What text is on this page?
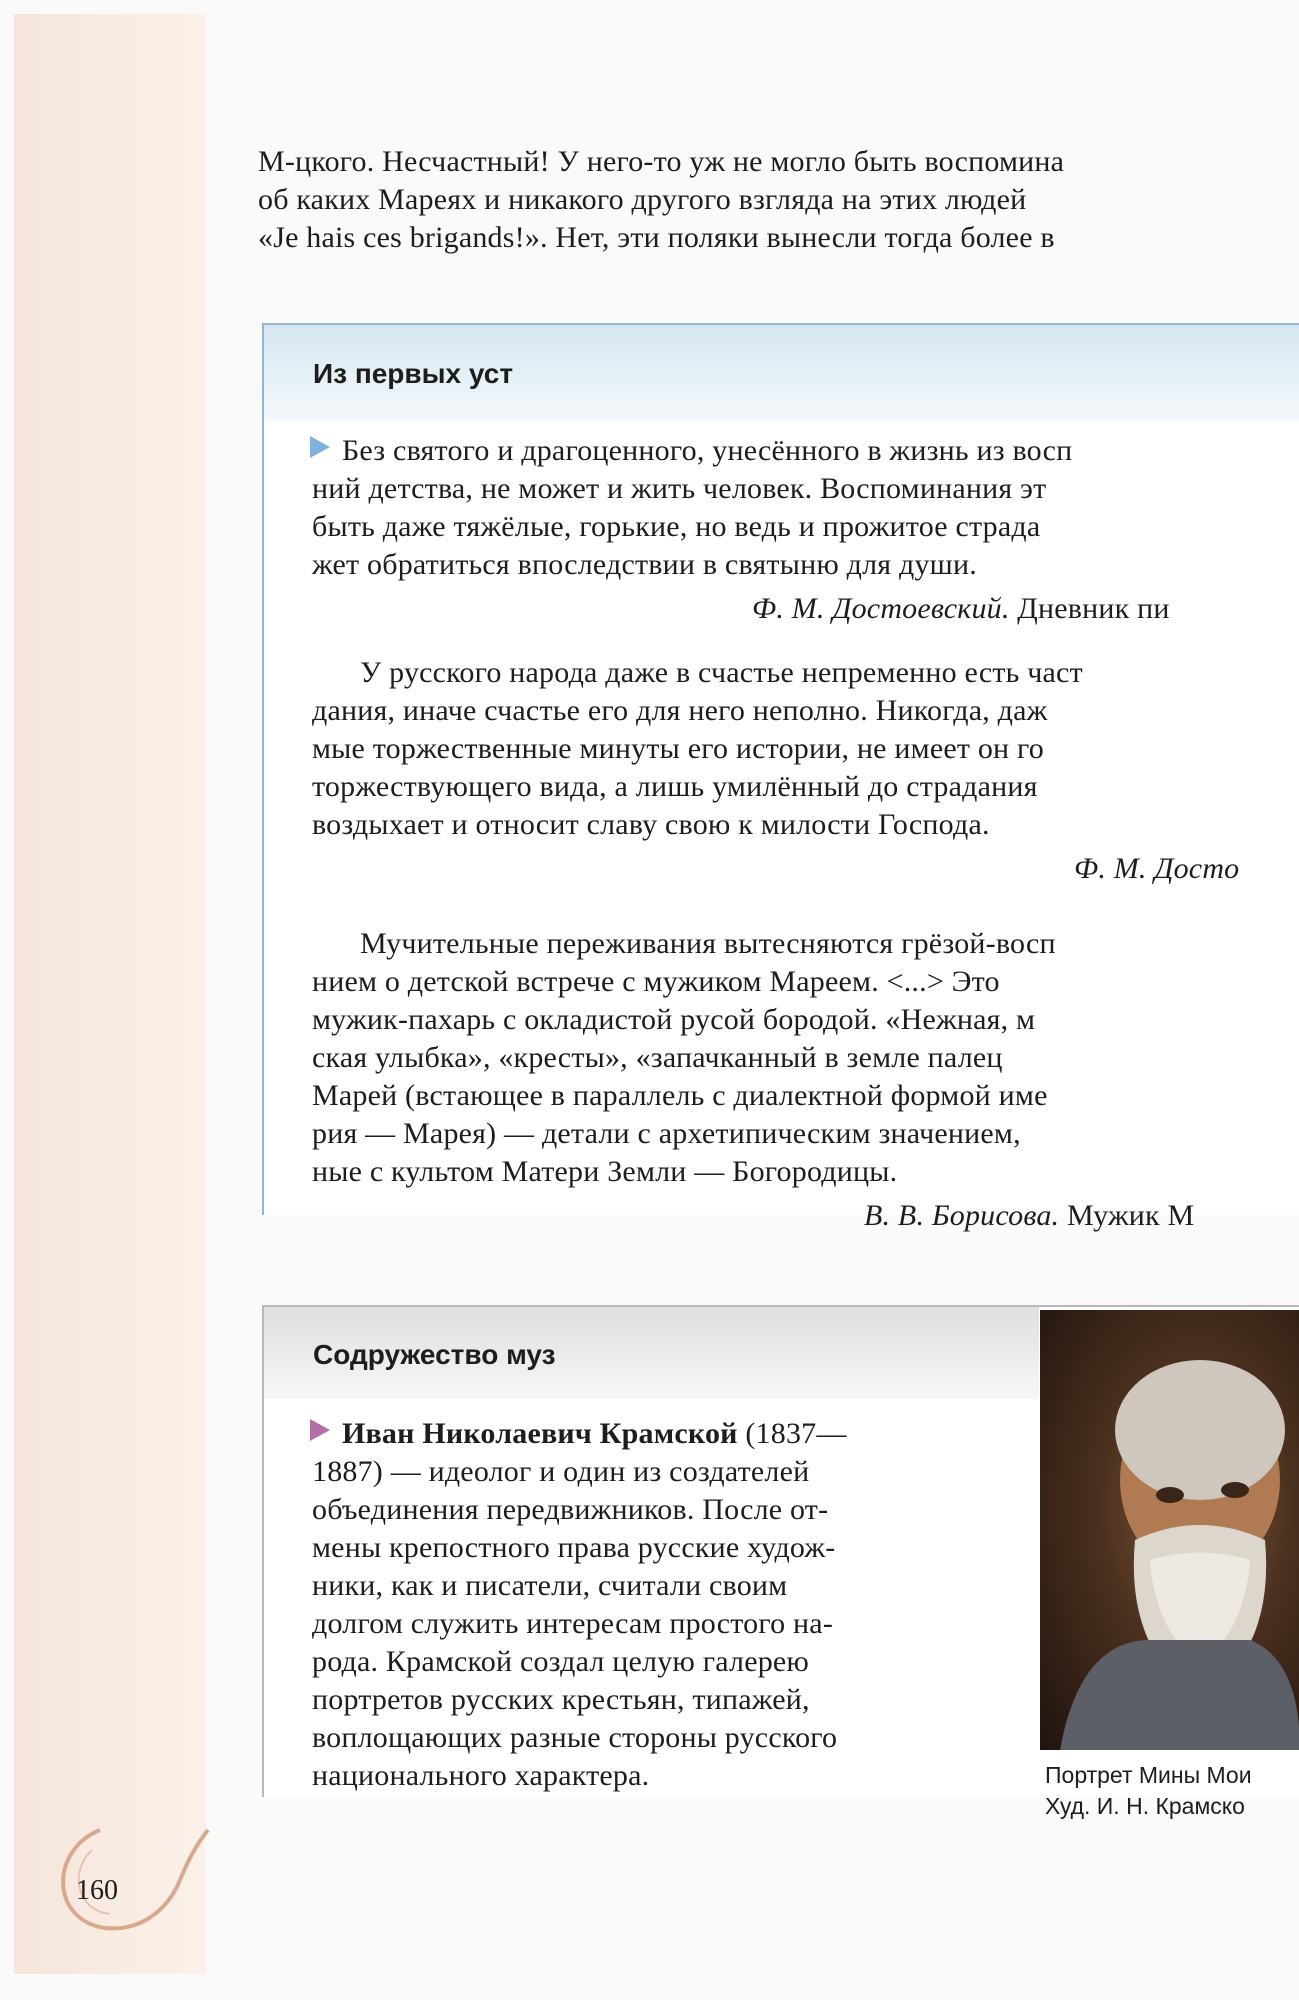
М-цкого. Несчастный! У него-то уж не могло быть воспомина
об каких Мареях и никакого другого взгляда на этих людей
«Je hais ces brigands!». Нет, эти поляки вынесли тогда более в
Из первых уст
Без святого и драгоценного, унесённого в жизнь из восп
ний детства, не может и жить человек. Воспоминания эт
быть даже тяжёлые, горькие, но ведь и прожитое страда
жет обратиться впоследствии в святыню для души.
Ф. М. Достоевский. Дневник пи
У русского народа даже в счастье непременно есть част
дания, иначе счастье его для него неполно. Никогда, даж
мые торжественные минуты его истории, не имеет он го
торжествующего вида, а лишь умилённый до страдания
воздыхает и относит славу свою к милости Господа.
Ф. М. Досто
Мучительные переживания вытесняются грёзой-восп
нием о детской встрече с мужиком Мареем. <...> Это
мужик-пахарь с окладистой русой бородой. «Нежная, м
ская улыбка», «кресты», «запачканный в земле палец
Марей (встающее в параллель с диалектной формой име
рия — Марея) — детали с архетипическим значением,
ные с культом Матери Земли — Богородицы.
В. В. Борисова. Мужик М
Содружество муз
Иван Николаевич Крамской (1837—
1887) — идеолог и один из создателей
объединения передвижников. После от-
мены крепостного права русские худож-
ники, как и писатели, считали своим
долгом служить интересам простого на-
рода. Крамской создал целую галерею
портретов русских крестьян, типажей,
воплощающих разные стороны русского
национального характера.	Портрет Мины Мои
Худ. И. Н. Крамско
160
